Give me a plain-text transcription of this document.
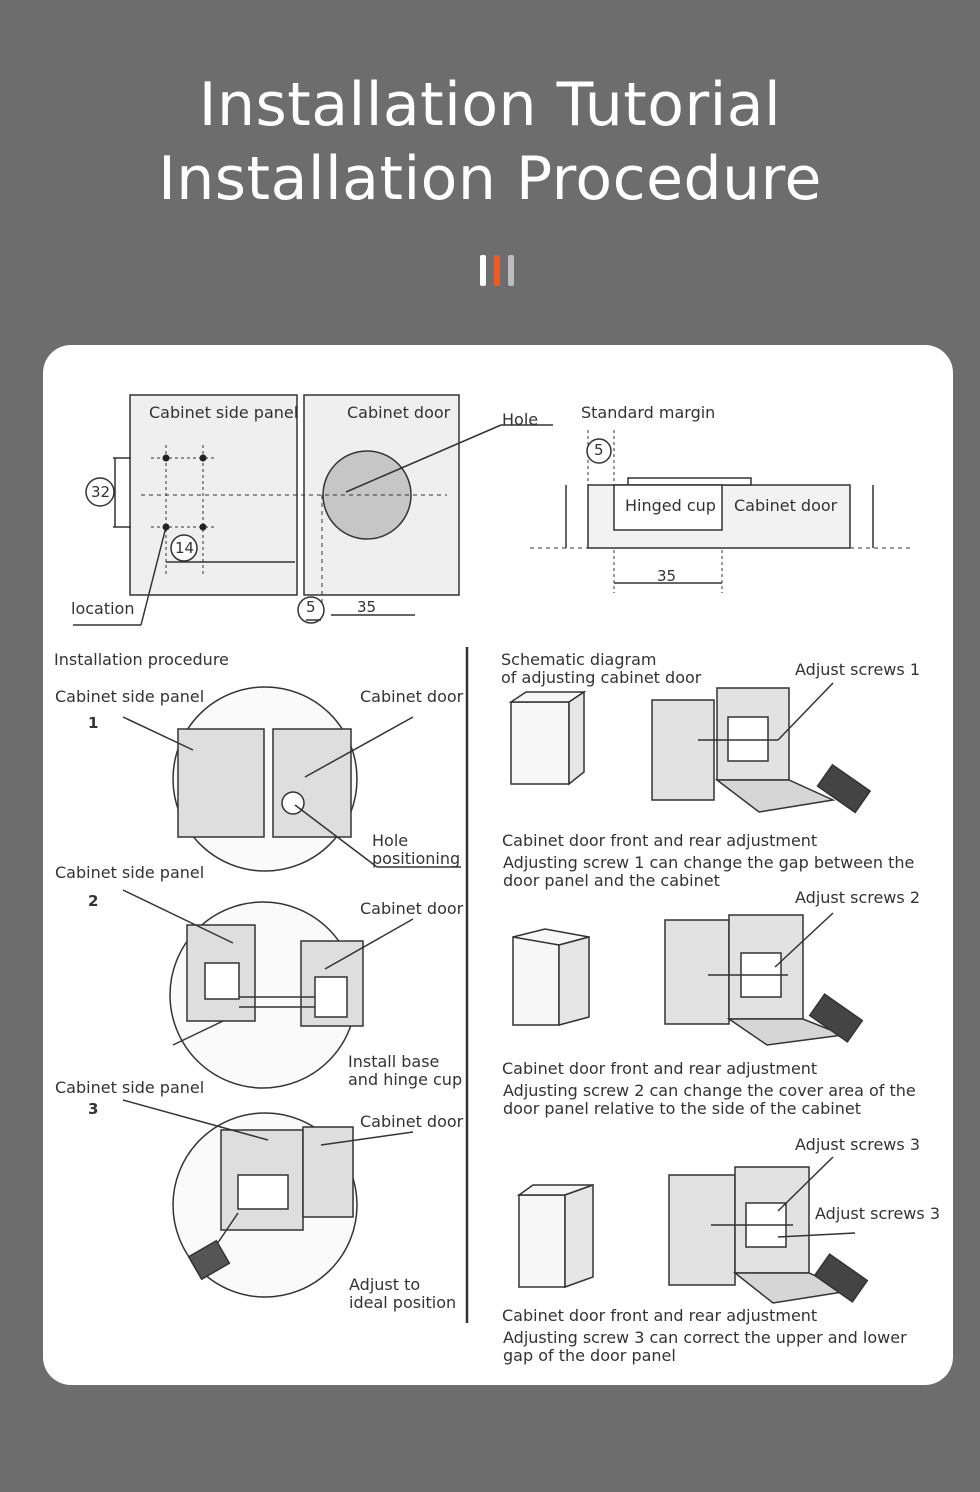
Installation Tutorial
Installation Procedure
Cabinet side panel	Cabinet door	Hole
location
32
14
5	35
Standard margin
5
Hinged cup Cabinet door
35
Installation procedure
Cabinet side panel
1
Cabinet door
Hole
positioning
Cabinet side panel
2	Cabinet door
Install base
and hinge cup
Cabinet side panel
3
Cabinet door
Adjust to
ideal position
Schematic diagram
of adjusting cabinet door	Adjust screws 1
Cabinet door front and rear adjustment
Adjusting screw 1 can change the gap between the
door panel and the cabinet
Adjust screws 2
Cabinet door front and rear adjustment
Adjusting screw 2 can change the cover area of the
door panel relative to the side of the cabinet
Adjust screws 3
Adjust screws 3
Cabinet door front and rear adjustment
Adjusting screw 3 can correct the upper and lower
gap of the door panel
